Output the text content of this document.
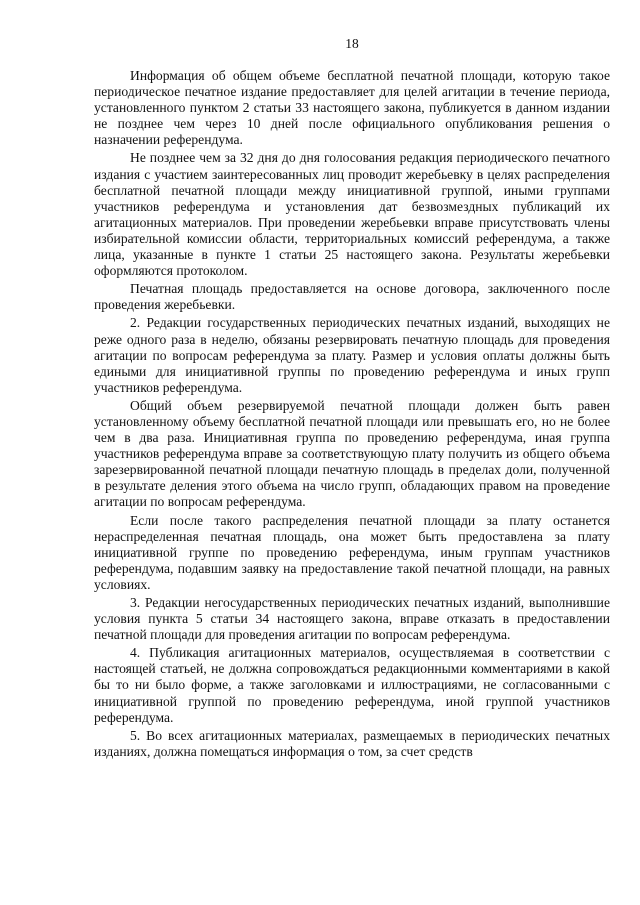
18

Информация об общем объеме бесплатной печатной площади, которую такое периодическое печатное издание предоставляет для целей агитации в течение периода, установленного пунктом 2 статьи 33 настоящего закона, публикуется в данном издании не позднее чем через 10 дней после официального опубликования решения о назначении референдума.

Не позднее чем за 32 дня до дня голосования редакция периодического печатного издания с участием заинтересованных лиц проводит жеребьевку в целях распределения бесплатной печатной площади между инициативной группой, иными группами участников референдума и установления дат безвозмездных публикаций их агитационных материалов. При проведении жеребьевки вправе присутствовать члены избирательной комиссии области, территориальных комиссий референдума, а также лица, указанные в пункте 1 статьи 25 настоящего закона. Результаты жеребьевки оформляются протоколом.

Печатная площадь предоставляется на основе договора, заключенного после проведения жеребьевки.

2. Редакции государственных периодических печатных изданий, выходящих не реже одного раза в неделю, обязаны резервировать печатную площадь для проведения агитации по вопросам референдума за плату. Размер и условия оплаты должны быть едиными для инициативной группы по проведению референдума и иных групп участников референдума.

Общий объем резервируемой печатной площади должен быть равен установленному объему бесплатной печатной площади или превышать его, но не более чем в два раза. Инициативная группа по проведению референдума, иная группа участников референдума вправе за соответствующую плату получить из общего объема зарезервированной печатной площади печатную площадь в пределах доли, полученной в результате деления этого объема на число групп, обладающих правом на проведение агитации по вопросам референдума.

Если после такого распределения печатной площади за плату останется нераспределенная печатная площадь, она может быть предоставлена за плату инициативной группе по проведению референдума, иным группам участников референдума, подавшим заявку на предоставление такой печатной площади, на равных условиях.

3. Редакции негосударственных периодических печатных изданий, выполнившие условия пункта 5 статьи 34 настоящего закона, вправе отказать в предоставлении печатной площади для проведения агитации по вопросам референдума.

4. Публикация агитационных материалов, осуществляемая в соответствии с настоящей статьей, не должна сопровождаться редакционными комментариями в какой бы то ни было форме, а также заголовками и иллюстрациями, не согласованными с инициативной группой по проведению референдума, иной группой участников референдума.

5. Во всех агитационных материалах, размещаемых в периодических печатных изданиях, должна помещаться информация о том, за счет средств
